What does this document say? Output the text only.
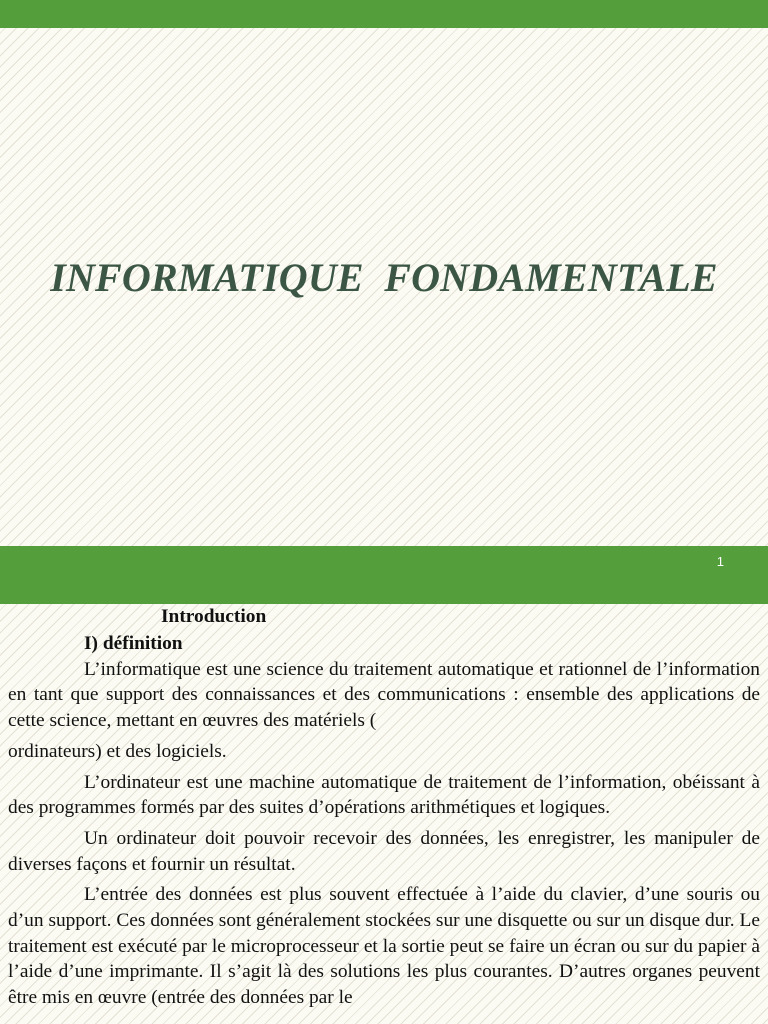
INFORMATIQUE  FONDAMENTALE
1

Introduction

I) définition

L’informatique est une science du traitement automatique et rationnel de l’information en tant que support des connaissances et des communications : ensemble des applications de cette science, mettant en œuvres des matériels (

ordinateurs) et des logiciels.

L’ordinateur est une machine automatique de traitement de l’information, obéissant à des programmes formés par des suites d’opérations arithmétiques et logiques.

Un ordinateur doit pouvoir recevoir des données, les enregistrer, les manipuler de diverses façons et fournir un résultat.

L’entrée des données est plus souvent effectuée à l’aide du clavier, d’une souris ou d’un support. Ces données sont généralement stockées sur une disquette ou sur un disque dur. Le traitement est exécuté par le microprocesseur et la sortie peut se faire un écran ou sur du papier à l’aide d’une imprimante. Il s’agit là des solutions les plus courantes. D’autres organes peuvent être mis en œuvre (entrée des données par le
